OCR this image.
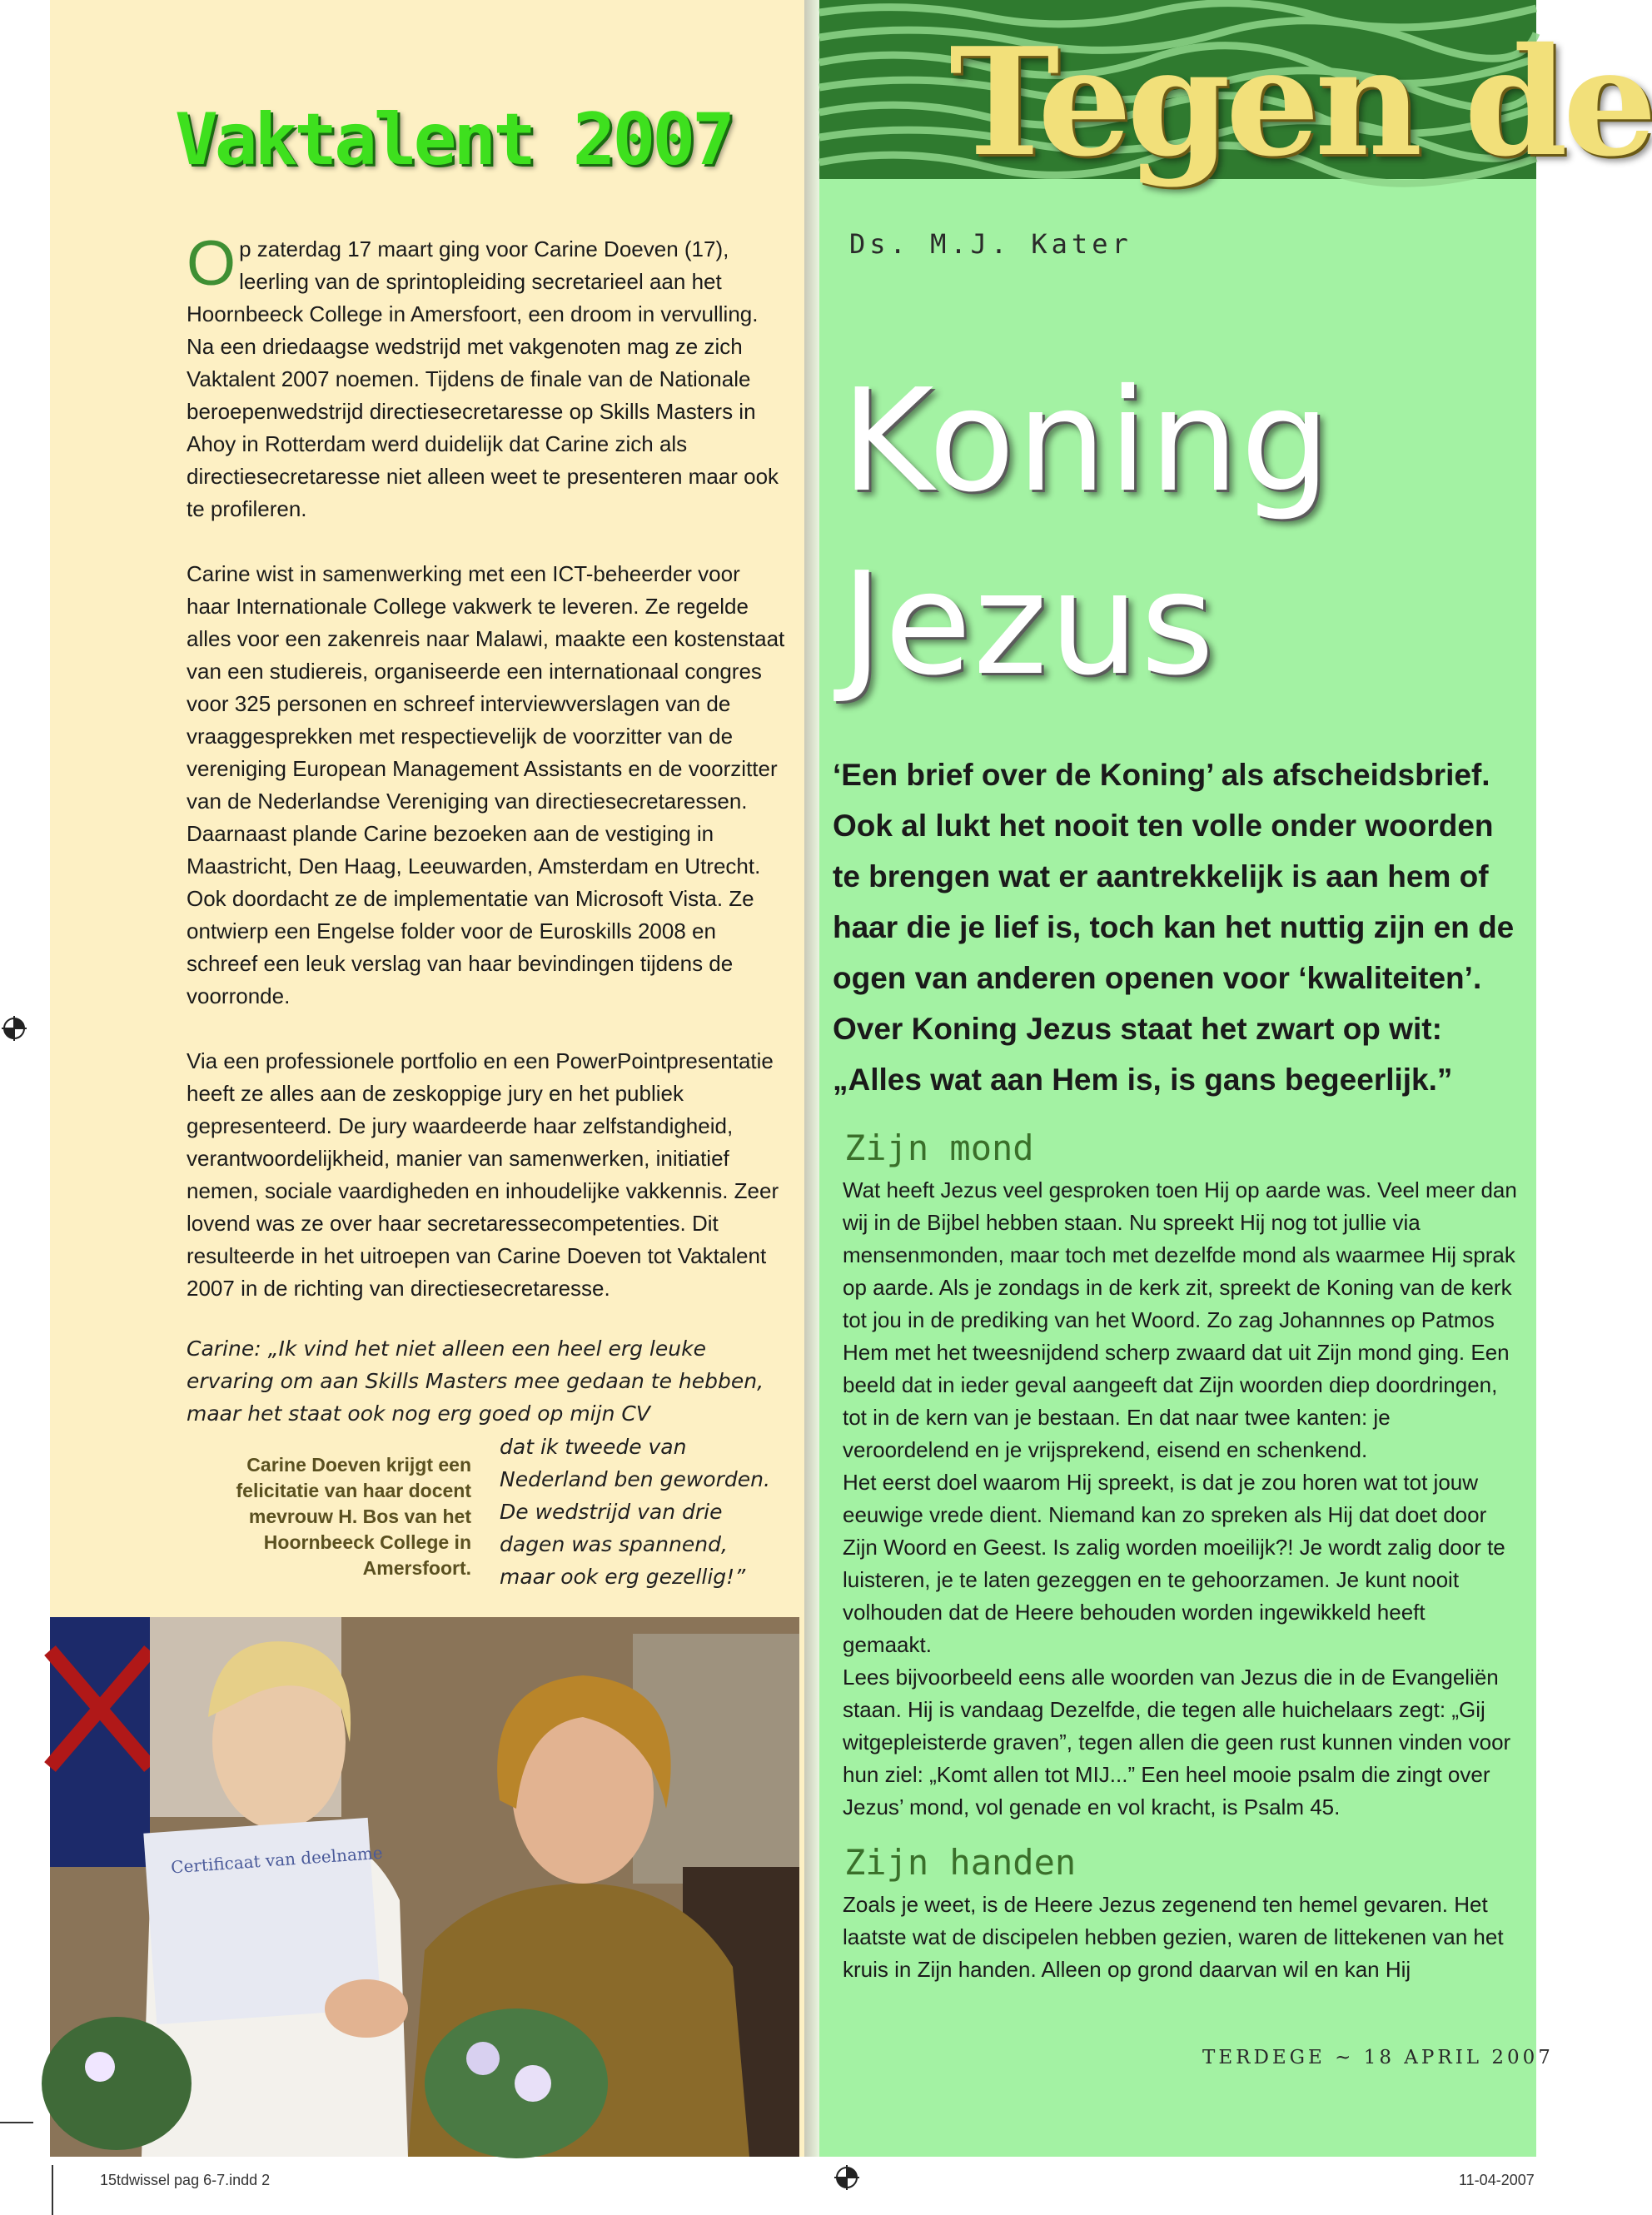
Vaktalent 2007

Op zaterdag 17 maart ging voor Carine Doeven (17), leerling van de sprintopleiding secretarieel aan het Hoornbeeck College in Amersfoort, een droom in vervulling. Na een driedaagse wedstrijd met vakgenoten mag ze zich Vaktalent 2007 noemen. Tijdens de finale van de Nationale beroepenwedstrijd directiesecretaresse op Skills Masters in Ahoy in Rotterdam werd duidelijk dat Carine zich als directiesecretaresse niet alleen weet te presenteren maar ook te profileren.

Carine wist in samenwerking met een ICT-beheerder voor haar Internationale College vakwerk te leveren. Ze regelde alles voor een zakenreis naar Malawi, maakte een kostenstaat van een studiereis, organiseerde een internationaal congres voor 325 personen en schreef interviewverslagen van de vraaggesprekken met respectievelijk de voorzitter van de vereniging European Management Assistants en de voorzitter van de Nederlandse Vereniging van directiesecretaressen. Daarnaast plande Carine bezoeken aan de vestiging in Maastricht, Den Haag, Leeuwarden, Amsterdam en Utrecht. Ook doordacht ze de implementatie van Microsoft Vista. Ze ontwierp een Engelse folder voor de Euroskills 2008 en schreef een leuk verslag van haar bevindingen tijdens de voorronde.

Via een professionele portfolio en een PowerPointpresentatie heeft ze alles aan de zeskoppige jury en het publiek gepresenteerd. De jury waardeerde haar zelfstandigheid, verantwoordelijkheid, manier van samenwerken, initiatief nemen, sociale vaardigheden en inhoudelijke vakkennis. Zeer lovend was ze over haar secretaressecompetenties. Dit resulteerde in het uitroepen van Carine Doeven tot Vaktalent 2007 in de richting van directiesecretaresse.

Carine: „Ik vind het niet alleen een heel erg leuke ervaring om aan Skills Masters mee gedaan te hebben, maar het staat ook nog erg goed op mijn CV
Carine Doeven krijgt een felicitatie van haar docent mevrouw H. Bos van het Hoornbeeck College in Amersfoort.
dat ik tweede van Nederland ben geworden. De wedstrijd van drie dagen was spannend, maar ook erg gezellig!”
Certificaat van deelname
Tegen de
Ds. M.J. Kater
Koning
Jezus
‘Een brief over de Koning’ als afscheidsbrief. Ook al lukt het nooit ten volle onder woorden te brengen wat er aantrekkelijk is aan hem of haar die je lief is, toch kan het nuttig zijn en de ogen van anderen openen voor ‘kwaliteiten’. Over Koning Jezus staat het zwart op wit: „Alles wat aan Hem is, is gans begeerlijk.”
Zijn mond

Wat heeft Jezus veel gesproken toen Hij op aarde was. Veel meer dan wij in de Bijbel hebben staan. Nu spreekt Hij nog tot jullie via mensenmonden, maar toch met dezelfde mond als waarmee Hij sprak op aarde. Als je zondags in de kerk zit, spreekt de Koning van de kerk tot jou in de prediking van het Woord. Zo zag Johannnes op Patmos Hem met het tweesnijdend scherp zwaard dat uit Zijn mond ging. Een beeld dat in ieder geval aangeeft dat Zijn woorden diep doordringen, tot in de kern van je bestaan. En dat naar twee kanten: je veroordelend en je vrijsprekend, eisend en schenkend.

Het eerst doel waarom Hij spreekt, is dat je zou horen wat tot jouw eeuwige vrede dient. Niemand kan zo spreken als Hij dat doet door Zijn Woord en Geest. Is zalig worden moeilijk?! Je wordt zalig door te luisteren, je te laten gezeggen en te gehoorzamen. Je kunt nooit volhouden dat de Heere behouden worden ingewikkeld heeft gemaakt.

Lees bijvoorbeeld eens alle woorden van Jezus die in de Evangeliën staan. Hij is vandaag Dezelfde, die tegen alle huichelaars zegt: „Gij witgepleisterde graven”, tegen allen die geen rust kunnen vinden voor hun ziel: „Komt allen tot MIJ...” Een heel mooie psalm die zingt over Jezus’ mond, vol genade en vol kracht, is Psalm 45.

Zijn handen

Zoals je weet, is de Heere Jezus zegenend ten hemel gevaren. Het laatste wat de discipelen hebben gezien, waren de littekenen van het kruis in Zijn handen. Alleen op grond daarvan wil en kan Hij

TERDEGE ~ 18 APRIL 2007
15tdwissel pag 6-7.indd 2	11-04-2007
